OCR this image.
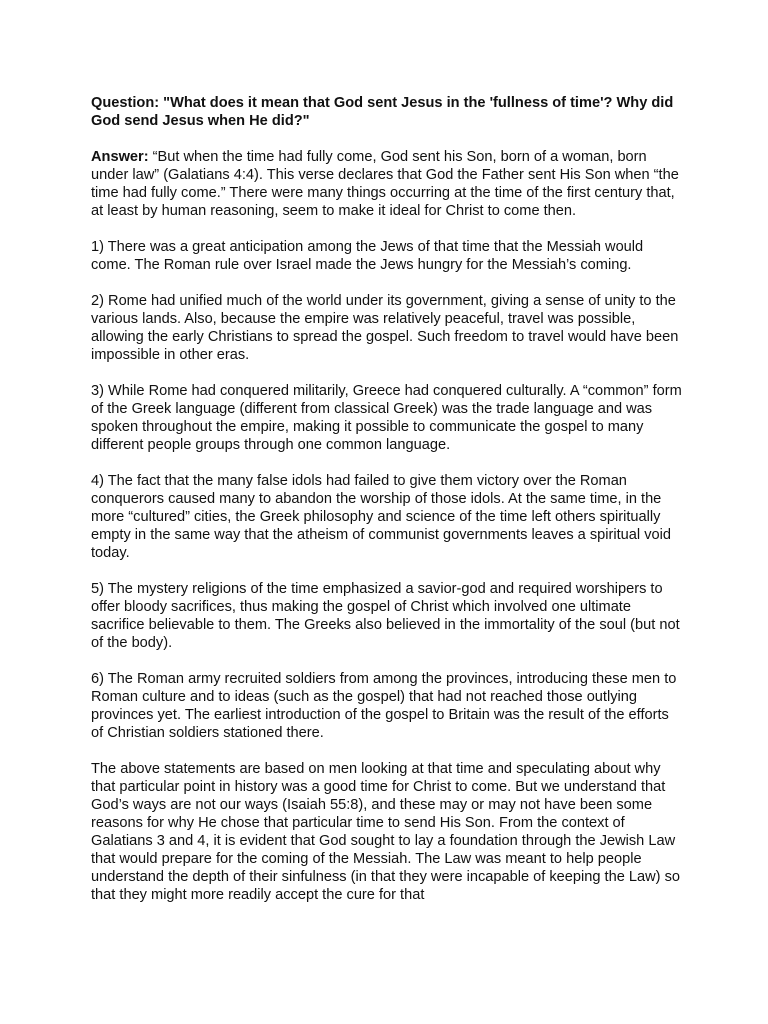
Question: "What does it mean that God sent Jesus in the 'fullness of time'? Why did God send Jesus when He did?"

Answer: “But when the time had fully come, God sent his Son, born of a woman, born under law” (Galatians 4:4). This verse declares that God the Father sent His Son when “the time had fully come.” There were many things occurring at the time of the first century that, at least by human reasoning, seem to make it ideal for Christ to come then.

1) There was a great anticipation among the Jews of that time that the Messiah would come. The Roman rule over Israel made the Jews hungry for the Messiah’s coming.

2) Rome had unified much of the world under its government, giving a sense of unity to the various lands. Also, because the empire was relatively peaceful, travel was possible, allowing the early Christians to spread the gospel. Such freedom to travel would have been impossible in other eras.

3) While Rome had conquered militarily, Greece had conquered culturally. A “common” form of the Greek language (different from classical Greek) was the trade language and was spoken throughout the empire, making it possible to communicate the gospel to many different people groups through one common language.

4) The fact that the many false idols had failed to give them victory over the Roman conquerors caused many to abandon the worship of those idols. At the same time, in the more “cultured” cities, the Greek philosophy and science of the time left others spiritually empty in the same way that the atheism of communist governments leaves a spiritual void today.

5) The mystery religions of the time emphasized a savior-god and required worshipers to offer bloody sacrifices, thus making the gospel of Christ which involved one ultimate sacrifice believable to them. The Greeks also believed in the immortality of the soul (but not of the body).

6) The Roman army recruited soldiers from among the provinces, introducing these men to Roman culture and to ideas (such as the gospel) that had not reached those outlying provinces yet. The earliest introduction of the gospel to Britain was the result of the efforts of Christian soldiers stationed there.

The above statements are based on men looking at that time and speculating about why that particular point in history was a good time for Christ to come. But we understand that God’s ways are not our ways (Isaiah 55:8), and these may or may not have been some reasons for why He chose that particular time to send His Son. From the context of Galatians 3 and 4, it is evident that God sought to lay a foundation through the Jewish Law that would prepare for the coming of the Messiah. The Law was meant to help people understand the depth of their sinfulness (in that they were incapable of keeping the Law) so that they might more readily accept the cure for that
